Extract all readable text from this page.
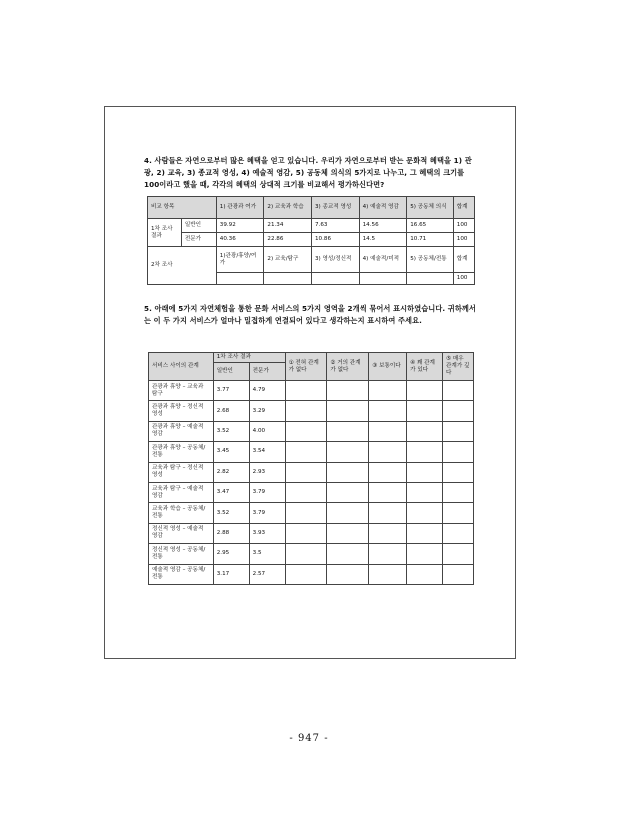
4. 사람들은 자연으로부터 많은 혜택을 얻고 있습니다. 우리가 자연으로부터 받는 문화적 혜택을 1) 관광, 2) 교육, 3) 종교적 영성, 4) 예술적 영감, 5) 공동체 의식의 5가지로 나누고, 그 혜택의 크기를 100이라고 했을 때, 각각의 혜택의 상대적 크기를 비교해서 평가하신다면?
비교 항목		1) 관광과 여가	2) 교육과 학습	3) 종교적 영성	4) 예술적 영감	5) 공동체 의식	합계
1차 조사 결과	일반인	39.92	21.34	7.63	14.56	16.65	100
	전문가	40.36	22.86	10.86	14.5	10.71	100
2차 조사		1)관광/휴양/여가	2) 교육/탐구	3) 영성/정신적	4) 예술적/미적	5) 공동체/전통	합계
							100
5. 아래에 5가지 자연체험을 통한 문화 서비스의 5가지 영역을 2개씩 묶어서 표시하였습니다. 귀하께서는 이 두 가지 서비스가 얼마나 밀접하게 연결되어 있다고 생각하는지 표시하여 주세요.
서비스 사이의 관계	1차 조사 결과		① 전혀 관계가 없다	② 거의 관계가 없다	③ 보통이다	④ 꽤 관계가 있다	⑤ 매우 관계가 깊다
	일반인	전문가					
관광과 휴양 – 교육과 탐구	3.77	4.79					
관광과 휴양 – 정신적 영성	2.68	3.29					
관광과 휴양 – 예술적 영감	3.52	4.00					
관광과 휴양 – 공동체/전통	3.45	3.54					
교육과 탐구 – 정신적 영성	2.82	2.93					
교육과 탐구 – 예술적 영감	3.47	3.79					
교육과 학습 – 공동체/전통	3.52	3.79					
정신적 영성 – 예술적 영감	2.88	3.93					
정신적 영성 – 공동체/전통	2.95	3.5					
예술적 영감 – 공동체/전통	3.17	2.57					
- 947 -
